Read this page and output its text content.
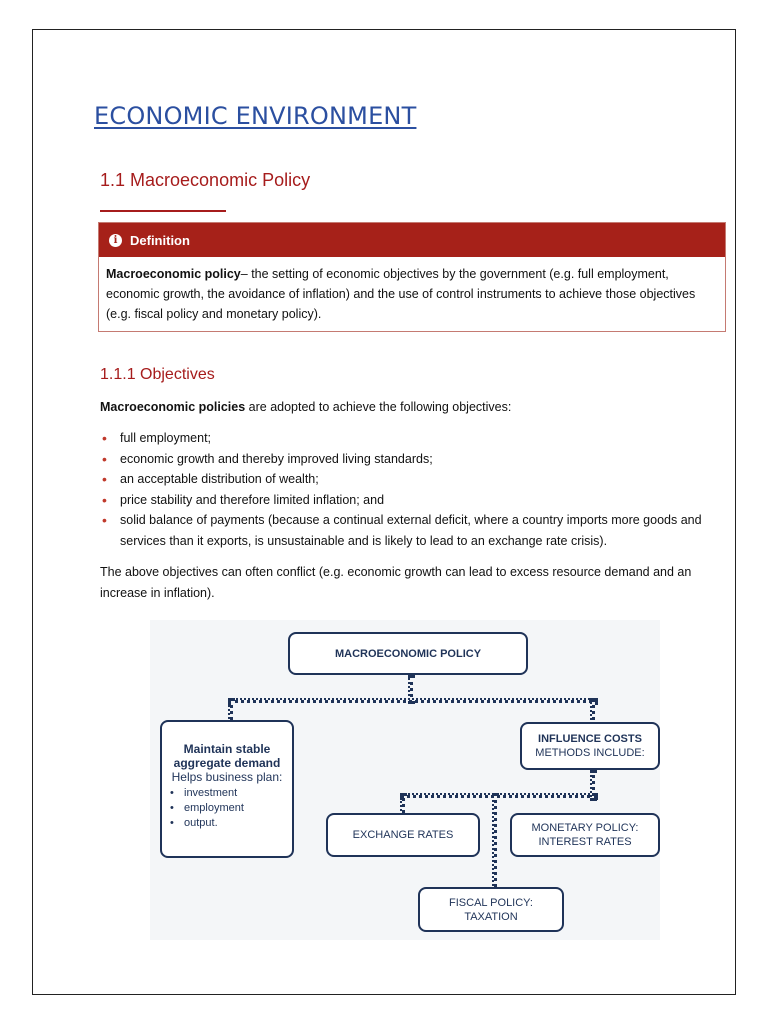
ECONOMIC ENVIRONMENT
1.1 Macroeconomic Policy
i Definition
Macroeconomic policy– the setting of economic objectives by the government (e.g. full employment, economic growth, the avoidance of inflation) and the use of control instruments to achieve those objectives (e.g. fiscal policy and monetary policy).
1.1.1 Objectives

Macroeconomic policies are adopted to achieve the following objectives:

• full employment;
• economic growth and thereby improved living standards;
• an acceptable distribution of wealth;
• price stability and therefore limited inflation; and
• solid balance of payments (because a continual external deficit, where a country imports more goods and services than it exports, is unsustainable and is likely to lead to an exchange rate crisis).

The above objectives can often conflict (e.g. economic growth can lead to excess resource demand and an increase in inflation).

MACROECONOMIC POLICY
Maintain stable
aggregate demand
Helps business plan:
• investment
• employment
• output.
INFLUENCE COSTS
METHODS INCLUDE:
EXCHANGE RATES
MONETARY POLICY:
INTEREST RATES
FISCAL POLICY:
TAXATION
